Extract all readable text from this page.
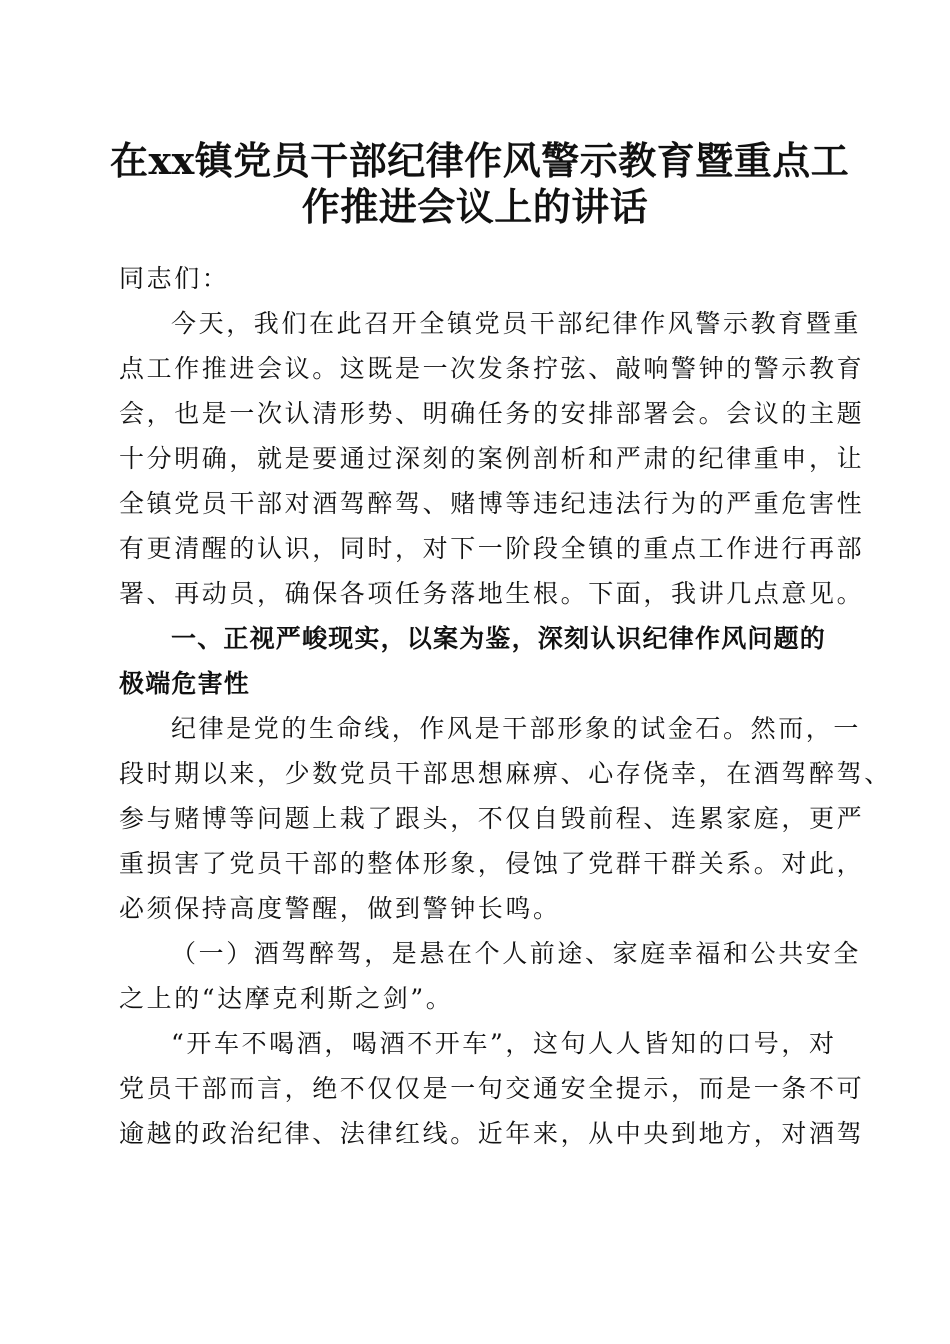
在xx镇党员干部纪律作风警示教育暨重点工
作推进会议上的讲话
同志们：
今天，我们在此召开全镇党员干部纪律作风警示教育暨重
点工作推进会议。这既是一次发条拧弦、敲响警钟的警示教育
会，也是一次认清形势、明确任务的安排部署会。会议的主题
十分明确，就是要通过深刻的案例剖析和严肃的纪律重申，让
全镇党员干部对酒驾醉驾、赌博等违纪违法行为的严重危害性
有更清醒的认识，同时，对下一阶段全镇的重点工作进行再部
署、再动员，确保各项任务落地生根。下面，我讲几点意见。
一、正视严峻现实，以案为鉴，深刻认识纪律作风问题的
极端危害性
纪律是党的生命线，作风是干部形象的试金石。然而，一
段时期以来，少数党员干部思想麻痹、心存侥幸，在酒驾醉驾、
参与赌博等问题上栽了跟头，不仅自毁前程、连累家庭，更严
重损害了党员干部的整体形象，侵蚀了党群干群关系。对此，
必须保持高度警醒，做到警钟长鸣。
（一）酒驾醉驾，是悬在个人前途、家庭幸福和公共安全
之上的“达摩克利斯之剑”。
“开车不喝酒，喝酒不开车”，这句人人皆知的口号，对
党员干部而言，绝不仅仅是一句交通安全提示，而是一条不可
逾越的政治纪律、法律红线。近年来，从中央到地方，对酒驾
